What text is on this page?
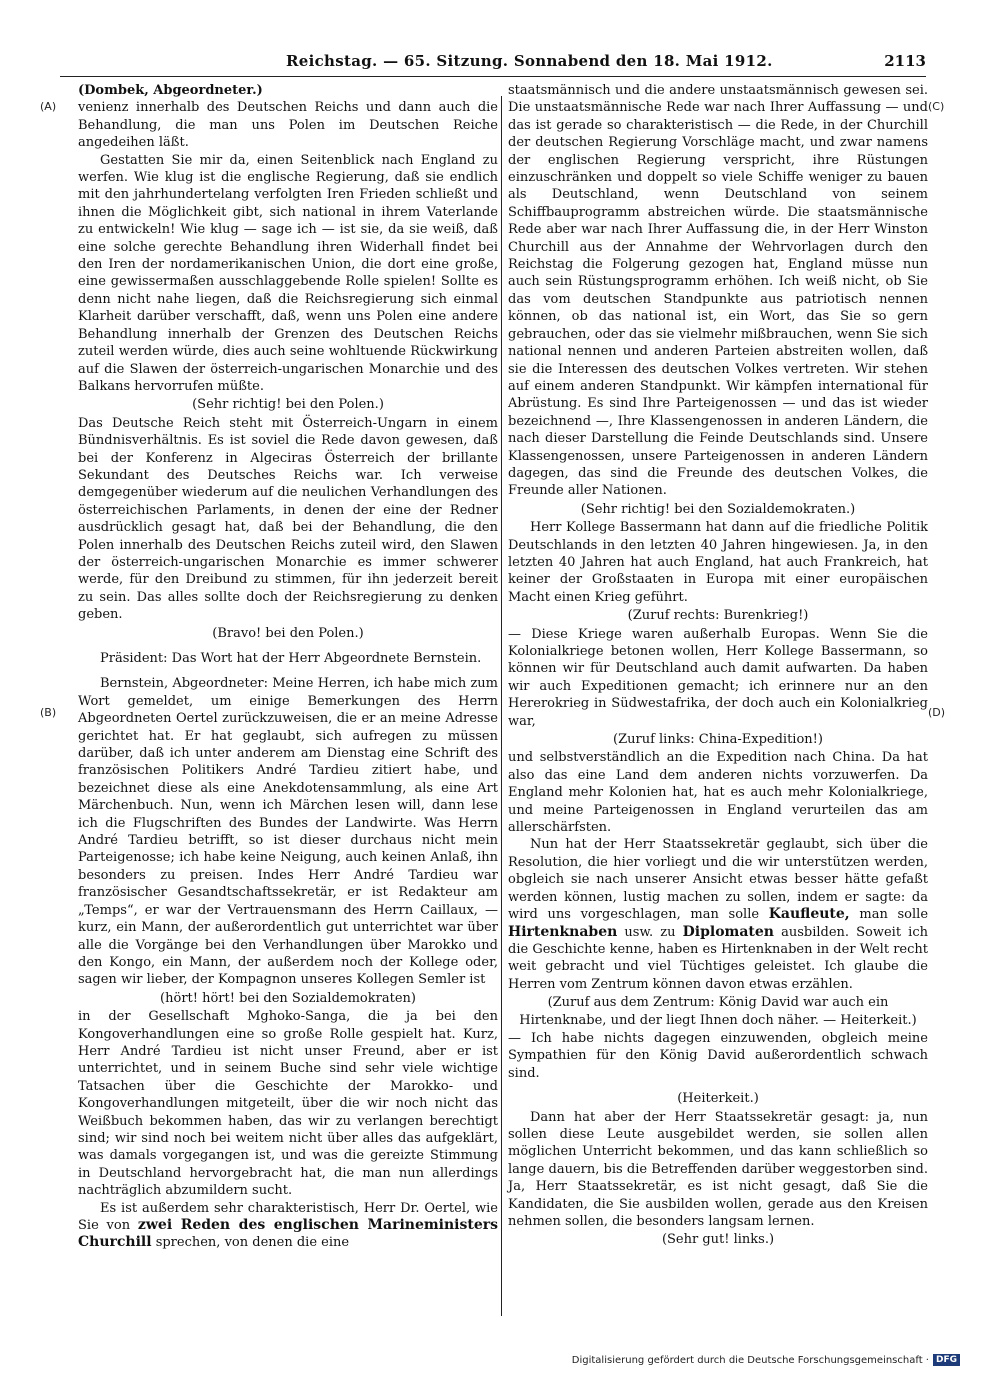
Reichstag. — 65. Sitzung. Sonnabend den 18. Mai 1912.	2113
(A)
(B)
(C)
(D)

(Dombek, Abgeordneter.)

venienz innerhalb des Deutschen Reichs und dann auch die Behandlung, die man uns Polen im Deutschen Reiche angedeihen läßt.

Gestatten Sie mir da, einen Seitenblick nach England zu werfen. Wie klug ist die englische Regierung, daß sie endlich mit den jahrhundertelang verfolgten Iren Frieden schließt und ihnen die Möglichkeit gibt, sich national in ihrem Vaterlande zu entwickeln! Wie klug — sage ich — ist sie, da sie weiß, daß eine solche gerechte Behandlung ihren Widerhall findet bei den Iren der nordamerikanischen Union, die dort eine große, eine gewissermaßen ausschlaggebende Rolle spielen! Sollte es denn nicht nahe liegen, daß die Reichsregierung sich einmal Klarheit darüber verschafft, daß, wenn uns Polen eine andere Behandlung innerhalb der Grenzen des Deutschen Reichs zuteil werden würde, dies auch seine wohltuende Rückwirkung auf die Slawen der österreich-ungarischen Monarchie und des Balkans hervorrufen müßte.

(Sehr richtig! bei den Polen.)

Das Deutsche Reich steht mit Österreich-Ungarn in einem Bündnisverhältnis. Es ist soviel die Rede davon gewesen, daß bei der Konferenz in Algeciras Österreich der brillante Sekundant des Deutsches Reichs war. Ich verweise demgegenüber wiederum auf die neulichen Verhandlungen des österreichischen Parlaments, in denen der eine der Redner ausdrücklich gesagt hat, daß bei der Behandlung, die den Polen innerhalb des Deutschen Reichs zuteil wird, den Slawen der österreich-ungarischen Monarchie es immer schwerer werde, für den Dreibund zu stimmen, für ihn jederzeit bereit zu sein. Das alles sollte doch der Reichsregierung zu denken geben.

(Bravo! bei den Polen.)

Präsident: Das Wort hat der Herr Abgeordnete Bernstein.

Bernstein, Abgeordneter: Meine Herren, ich habe mich zum Wort gemeldet, um einige Bemerkungen des Herrn Abgeordneten Oertel zurückzuweisen, die er an meine Adresse gerichtet hat. Er hat geglaubt, sich aufregen zu müssen darüber, daß ich unter anderem am Dienstag eine Schrift des französischen Politikers André Tardieu zitiert habe, und bezeichnet diese als eine Anekdotensammlung, als eine Art Märchenbuch. Nun, wenn ich Märchen lesen will, dann lese ich die Flugschriften des Bundes der Landwirte. Was Herrn André Tardieu betrifft, so ist dieser durchaus nicht mein Parteigenosse; ich habe keine Neigung, auch keinen Anlaß, ihn besonders zu preisen. Indes Herr André Tardieu war französischer Gesandtschaftssekretär, er ist Redakteur am „Temps“, er war der Vertrauensmann des Herrn Caillaux, — kurz, ein Mann, der außerordentlich gut unterrichtet war über alle die Vorgänge bei den Verhandlungen über Marokko und den Kongo, ein Mann, der außerdem noch der Kollege oder, sagen wir lieber, der Kompagnon unseres Kollegen Semler ist

(hört! hört! bei den Sozialdemokraten)

in der Gesellschaft Mghoko-Sanga, die ja bei den Kongoverhandlungen eine so große Rolle gespielt hat. Kurz, Herr André Tardieu ist nicht unser Freund, aber er ist unterrichtet, und in seinem Buche sind sehr viele wichtige Tatsachen über die Geschichte der Marokko- und Kongoverhandlungen mitgeteilt, über die wir noch nicht das Weißbuch bekommen haben, das wir zu verlangen berechtigt sind; wir sind noch bei weitem nicht über alles das aufgeklärt, was damals vorgegangen ist, und was die gereizte Stimmung in Deutschland hervorgebracht hat, die man nun allerdings nachträglich abzumildern sucht.

Es ist außerdem sehr charakteristisch, Herr Dr. Oertel, wie Sie von zwei Reden des englischen Marineministers Churchill sprechen, von denen die eine

staatsmännisch und die andere unstaatsmännisch gewesen sei. Die unstaatsmännische Rede war nach Ihrer Auffassung — und das ist gerade so charakteristisch — die Rede, in der Churchill der deutschen Regierung Vorschläge macht, und zwar namens der englischen Regierung verspricht, ihre Rüstungen einzuschränken und doppelt so viele Schiffe weniger zu bauen als Deutschland, wenn Deutschland von seinem Schiffbauprogramm abstreichen würde. Die staatsmännische Rede aber war nach Ihrer Auffassung die, in der Herr Winston Churchill aus der Annahme der Wehrvorlagen durch den Reichstag die Folgerung gezogen hat, England müsse nun auch sein Rüstungsprogramm erhöhen. Ich weiß nicht, ob Sie das vom deutschen Standpunkte aus patriotisch nennen können, ob das national ist, ein Wort, das Sie so gern gebrauchen, oder das sie vielmehr mißbrauchen, wenn Sie sich national nennen und anderen Parteien abstreiten wollen, daß sie die Interessen des deutschen Volkes vertreten. Wir stehen auf einem anderen Standpunkt. Wir kämpfen international für Abrüstung. Es sind Ihre Parteigenossen — und das ist wieder bezeichnend —, Ihre Klassengenossen in anderen Ländern, die nach dieser Darstellung die Feinde Deutschlands sind. Unsere Klassengenossen, unsere Parteigenossen in anderen Ländern dagegen, das sind die Freunde des deutschen Volkes, die Freunde aller Nationen.

(Sehr richtig! bei den Sozialdemokraten.)

Herr Kollege Bassermann hat dann auf die friedliche Politik Deutschlands in den letzten 40 Jahren hingewiesen. Ja, in den letzten 40 Jahren hat auch England, hat auch Frankreich, hat keiner der Großstaaten in Europa mit einer europäischen Macht einen Krieg geführt.

(Zuruf rechts: Burenkrieg!)

— Diese Kriege waren außerhalb Europas. Wenn Sie die Kolonialkriege betonen wollen, Herr Kollege Bassermann, so können wir für Deutschland auch damit aufwarten. Da haben wir auch Expeditionen gemacht; ich erinnere nur an den Hererokrieg in Südwestafrika, der doch auch ein Kolonialkrieg war,

(Zuruf links: China-Expedition!)

und selbstverständlich an die Expedition nach China. Da hat also das eine Land dem anderen nichts vorzuwerfen. Da England mehr Kolonien hat, hat es auch mehr Kolonialkriege, und meine Parteigenossen in England verurteilen das am allerschärfsten.

Nun hat der Herr Staatssekretär geglaubt, sich über die Resolution, die hier vorliegt und die wir unterstützen werden, obgleich sie nach unserer Ansicht etwas besser hätte gefaßt werden können, lustig machen zu sollen, indem er sagte: da wird uns vorgeschlagen, man solle Kaufleute, man solle Hirtenknaben usw. zu Diplomaten ausbilden. Soweit ich die Geschichte kenne, haben es Hirtenknaben in der Welt recht weit gebracht und viel Tüchtiges geleistet. Ich glaube die Herren vom Zentrum können davon etwas erzählen.

(Zuruf aus dem Zentrum: König David war auch ein Hirtenknabe, und der liegt Ihnen doch näher. — Heiterkeit.)

— Ich habe nichts dagegen einzuwenden, obgleich meine Sympathien für den König David außerordentlich schwach sind.

(Heiterkeit.)

Dann hat aber der Herr Staatssekretär gesagt: ja, nun sollen diese Leute ausgebildet werden, sie sollen allen möglichen Unterricht bekommen, und das kann schließlich so lange dauern, bis die Betreffenden darüber weggestorben sind. Ja, Herr Staatssekretär, es ist nicht gesagt, daß Sie die Kandidaten, die Sie ausbilden wollen, gerade aus den Kreisen nehmen sollen, die besonders langsam lernen.

(Sehr gut! links.)

Digitalisierung gefördert durch die Deutsche Forschungsgemeinschaft · DFG
